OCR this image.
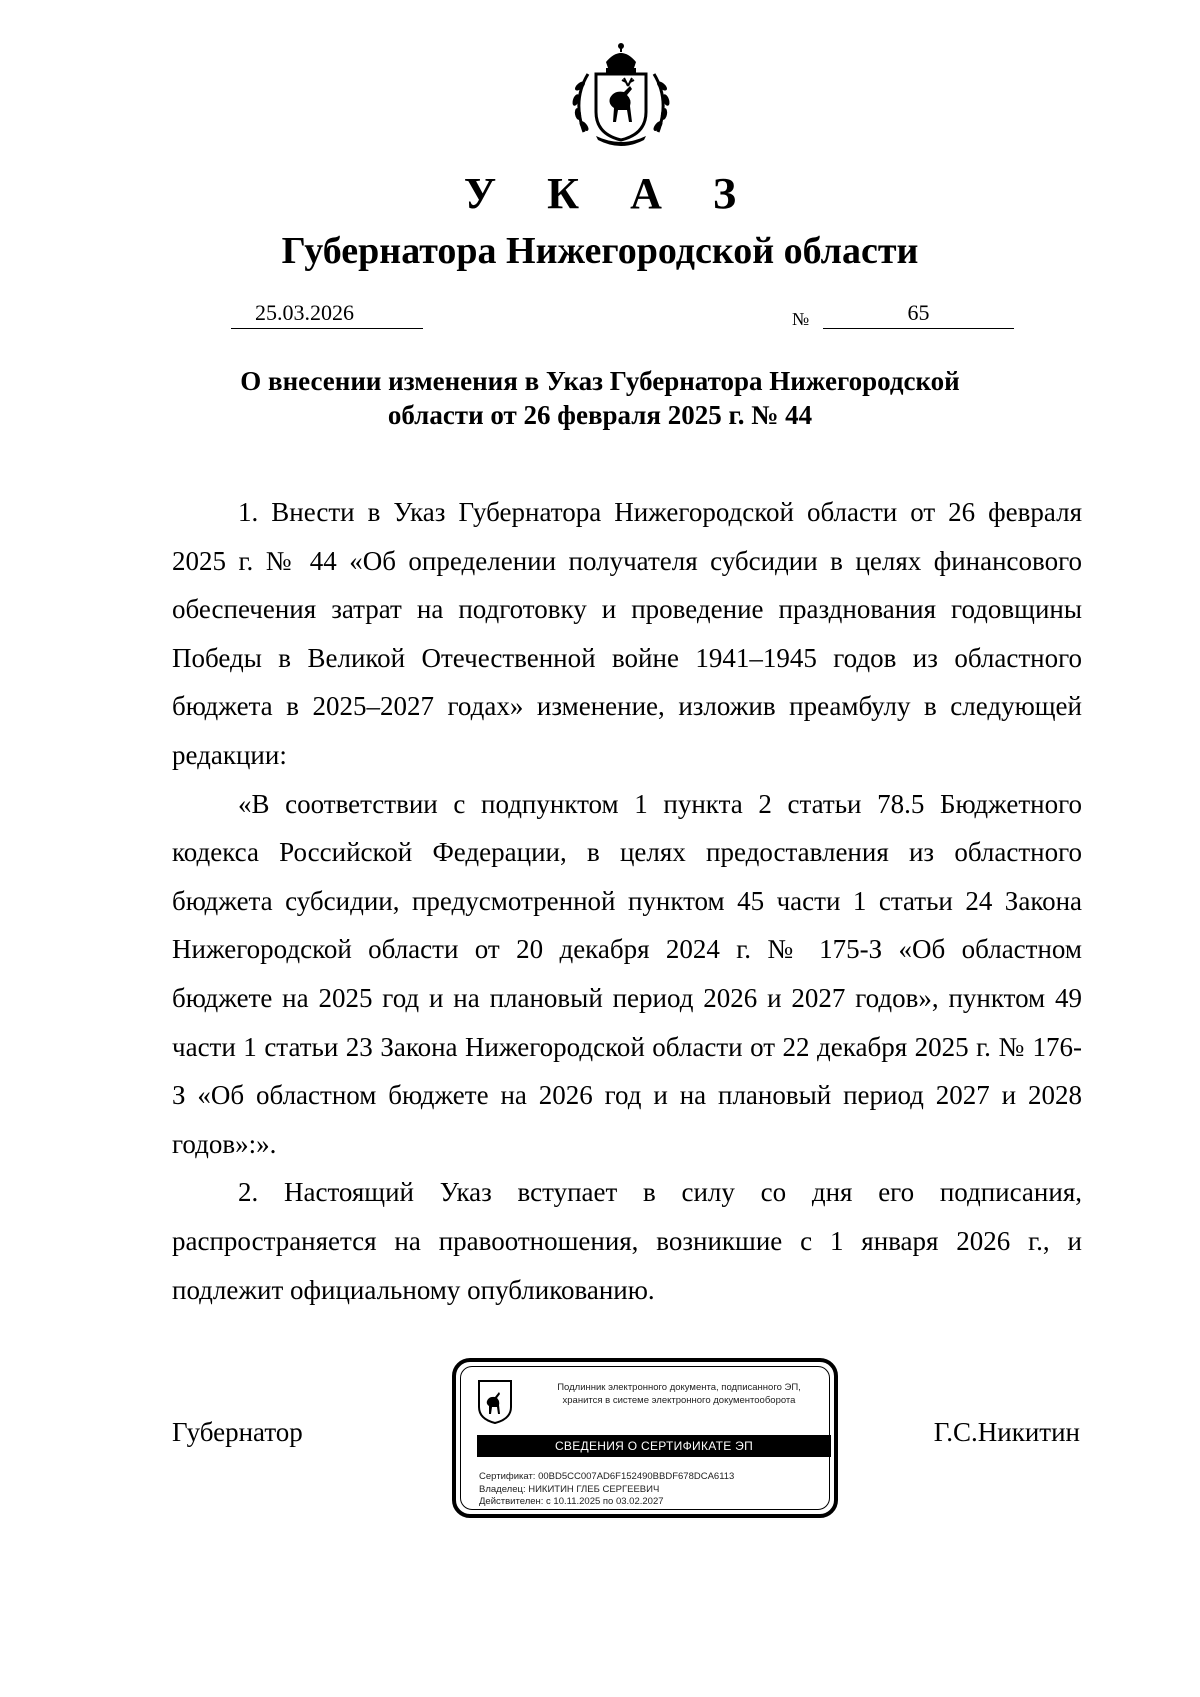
У К А З
Губернатора Нижегородской области
25.03.2026	№	65
О внесении изменения в Указ Губернатора Нижегородской
области от 26 февраля 2025 г. № 44

1. Внести в Указ Губернатора Нижегородской области от 26 февраля 2025 г. № 44 «Об определении получателя субсидии в целях финансового обеспечения затрат на подготовку и проведение празднования годовщины Победы в Великой Отечественной войне 1941–1945 годов из областного бюджета в 2025–2027 годах» изменение, изложив преамбулу в следующей редакции:

«В соответствии с подпунктом 1 пункта 2 статьи 78.5 Бюджетного кодекса Российской Федерации, в целях предоставления из областного бюджета субсидии, предусмотренной пунктом 45 части 1 статьи 24 Закона Нижегородской области от 20 декабря 2024 г. № 175-З «Об областном бюджете на 2025 год и на плановый период 2026 и 2027 годов», пунктом 49 части 1 статьи 23 Закона Нижегородской области от 22 декабря 2025 г. № 176-З «Об областном бюджете на 2026 год и на плановый период 2027 и 2028 годов»:».

2. Настоящий Указ вступает в силу со дня его подписания, распространяется на правоотношения, возникшие с 1 января 2026 г., и подлежит официальному опубликованию.

Губернатор
Подлинник электронного документа, подписанного ЭП,
хранится в системе электронного документооборота
СВЕДЕНИЯ О СЕРТИФИКАТЕ ЭП
Сертификат: 00BD5CC007AD6F152490BBDF678DCA6113
Владелец: НИКИТИН ГЛЕБ СЕРГЕЕВИЧ
Действителен: с 10.11.2025 по 03.02.2027
Г.С.Никитин
